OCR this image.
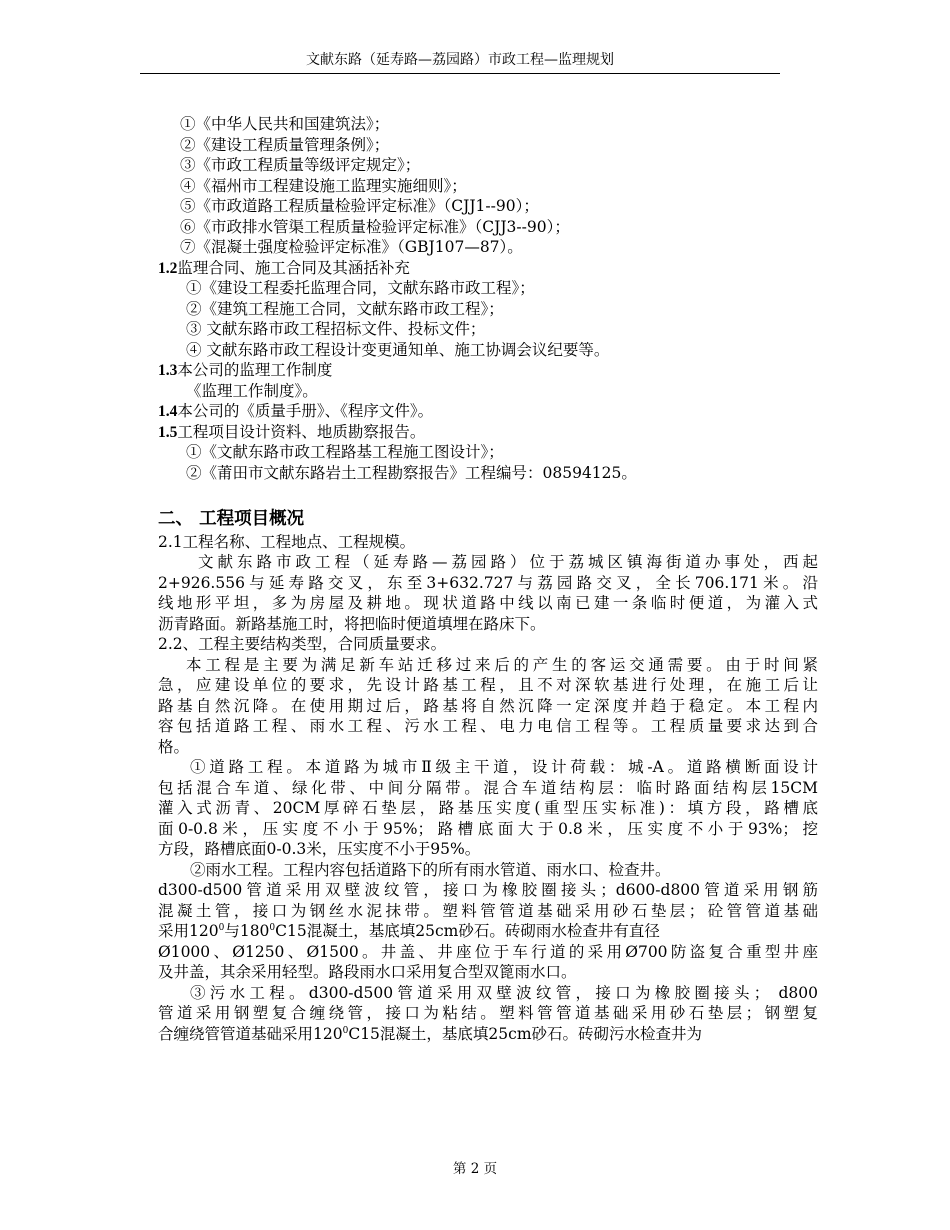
文献东路（延寿路—荔园路）市政工程—监理规划
①《中华人民共和国建筑法》；
②《建设工程质量管理条例》；
③《市政工程质量等级评定规定》；
④《福州市工程建设施工监理实施细则》；
⑤《市政道路工程质量检验评定标准》（CJJ1--90）；
⑥《市政排水管渠工程质量检验评定标准》（CJJ3--90）；
⑦《混凝土强度检验评定标准》（GBJ107—87）。
1.2监理合同、施工合同及其涵括补充
①《建设工程委托监理合同，文献东路市政工程》；
②《建筑工程施工合同，文献东路市政工程》；
③ 文献东路市政工程招标文件、投标文件；
④ 文献东路市政工程设计变更通知单、施工协调会议纪要等。
1.3本公司的监理工作制度
《监理工作制度》。
1.4本公司的《质量手册》、《程序文件》。
1.5工程项目设计资料、地质勘察报告。
①《文献东路市政工程路基工程施工图设计》；
②《莆田市文献东路岩土工程勘察报告》工程编号：08594125。
二、 工程项目概况
2.1工程名称、工程地点、工程规模。
文献东路市政工程（延寿路—荔园路）位于荔城区镇海街道办事处，西起
2+926.556与延寿路交叉，东至3+632.727与荔园路交叉，全长706.171米。沿
线地形平坦，多为房屋及耕地。现状道路中线以南已建一条临时便道，为灌入式
沥青路面。新路基施工时，将把临时便道填埋在路床下。
2.2、工程主要结构类型，合同质量要求。
本工程是主要为满足新车站迁移过来后的产生的客运交通需要。由于时间紧
急，应建设单位的要求，先设计路基工程，且不对深软基进行处理，在施工后让
路基自然沉降。在使用期过后，路基将自然沉降一定深度并趋于稳定。本工程内
容包括道路工程、雨水工程、污水工程、电力电信工程等。工程质量要求达到合
格。
①道路工程。本道路为城市Ⅱ级主干道，设计荷载：城-A。道路横断面设计
包括混合车道、绿化带、中间分隔带。混合车道结构层：临时路面结构层15CM
灌入式沥青、20CM厚碎石垫层，路基压实度(重型压实标准)：填方段，路槽底
面0-0.8米，压实度不小于95%；路槽底面大于0.8米，压实度不小于93%；挖
方段，路槽底面0-0.3米，压实度不小于95%。
②雨水工程。工程内容包括道路下的所有雨水管道、雨水口、检查井。
d300-d500管道采用双壁波纹管，接口为橡胶圈接头；d600-d800管道采用钢筋
混凝土管，接口为钢丝水泥抹带。塑料管管道基础采用砂石垫层；砼管管道基础
采用$120^0$与$180^0C15$混凝土，基底填25cm砂石。砖砌雨水检查井有直径
Ø1000、Ø1250、Ø1500。井盖、井座位于车行道的采用Ø700防盗复合重型井座
及井盖，其余采用轻型。路段雨水口采用复合型双篦雨水口。
③污水工程。d300-d500管道采用双壁波纹管，接口为橡胶圈接头； d800
管道采用钢塑复合缠绕管，接口为粘结。塑料管管道基础采用砂石垫层；钢塑复
合缠绕管管道基础采用$120^0C15$混凝土，基底填25cm砂石。砖砌污水检查井为
第 2 页
